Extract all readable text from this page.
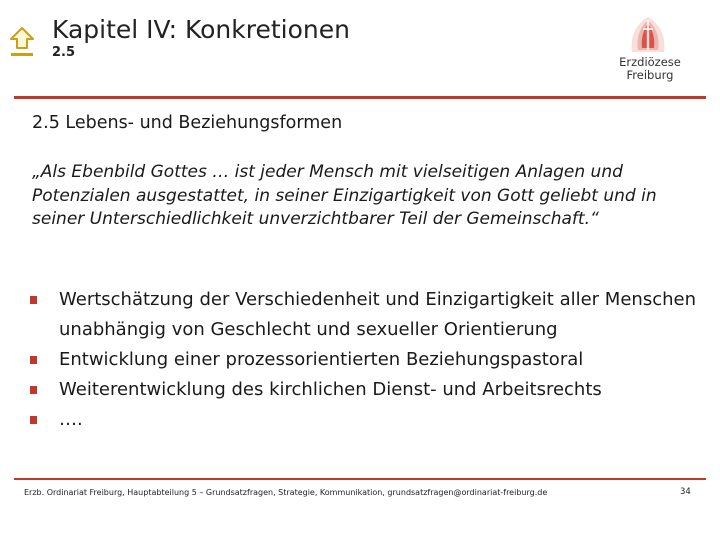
Kapitel IV: Konkretionen
2.5
Erzdiözese
Freiburg
2.5 Lebens- und Beziehungsformen
„Als Ebenbild Gottes … ist jeder Mensch mit vielseitigen Anlagen und Potenzialen ausgestattet, in seiner Einzigartigkeit von Gott geliebt und in seiner Unterschiedlichkeit unverzichtbarer Teil der Gemeinschaft.“
Wertschätzung der Verschiedenheit und Einzigartigkeit aller Menschen unabhängig von Geschlecht und sexueller Orientierung
Entwicklung einer prozessorientierten Beziehungspastoral
Weiterentwicklung des kirchlichen Dienst- und Arbeitsrechts
….
Erzb. Ordinariat Freiburg, Hauptabteilung 5 – Grundsatzfragen, Strategie, Kommunikation, grundsatzfragen@ordinariat-freiburg.de	34
